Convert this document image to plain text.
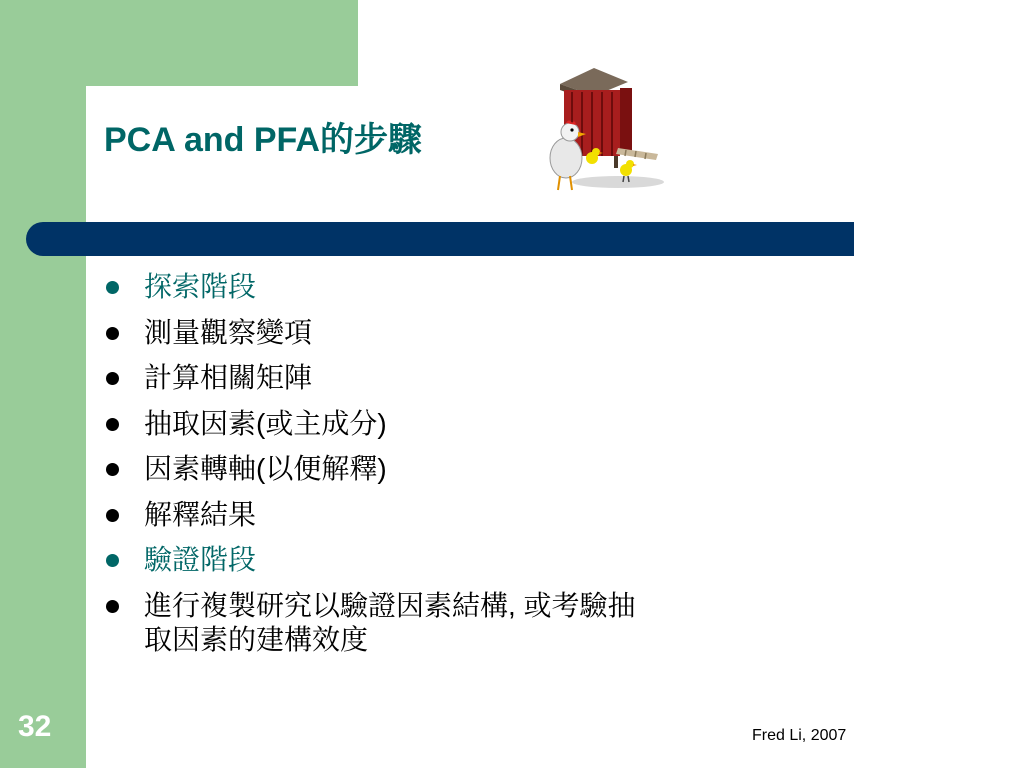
PCA and PFA的步驟
探索階段
測量觀察變項
計算相關矩陣
抽取因素(或主成分)
因素轉軸(以便解釋)
解釋結果
驗證階段
進行複製研究以驗證因素結構, 或考驗抽取因素的建構效度
32	Fred Li, 2007
